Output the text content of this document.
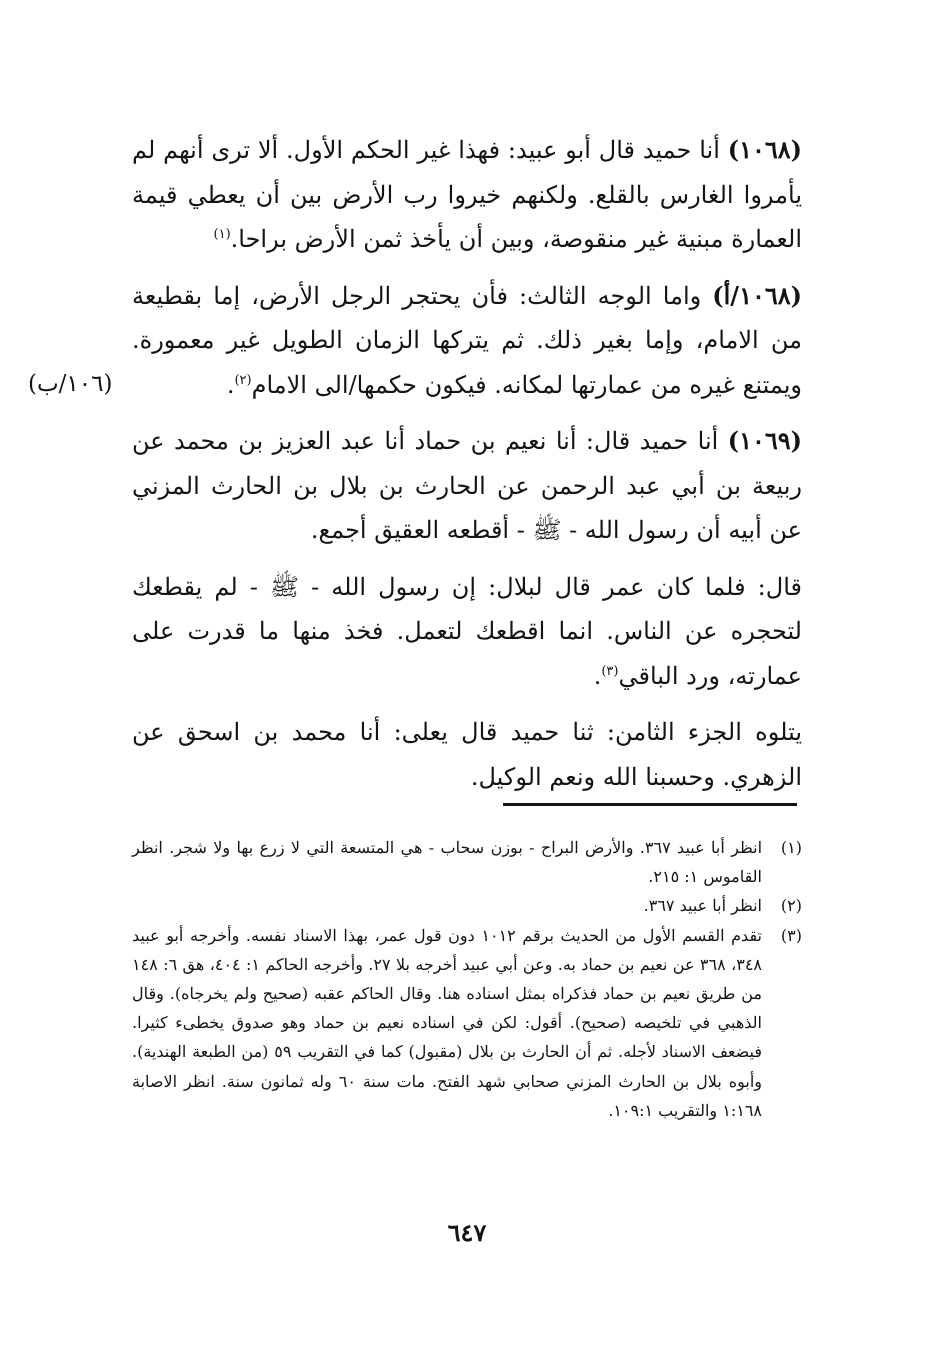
(١٠٦٨) أنا حميد قال أبو عبيد: فهذا غير الحكم الأول. ألا ترى أنهم لم يأمروا الغارس بالقلع. ولكنهم خيروا رب الأرض بين أن يعطي قيمة العمارة مبنية غير منقوصة، وبين أن يأخذ ثمن الأرض براحا.$^{(١)}$

(١٠٦٨/أ) واما الوجه الثالث: فأن يحتجر الرجل الأرض، إما بقطيعة من الامام، وإما بغير ذلك. ثم يتركها الزمان الطويل غير معمورة. ويمتنع غيره من عمارتها لمكانه. فيكون حكمها/الى الامام$^{(٢)}$.

(١٠٦٩) أنا حميد قال: أنا نعيم بن حماد أنا عبد العزيز بن محمد عن ربيعة بن أبي عبد الرحمن عن الحارث بن بلال بن الحارث المزني عن أبيه أن رسول الله - ﷺ - أقطعه العقيق أجمع.

قال: فلما كان عمر قال لبلال: إن رسول الله - ﷺ - لم يقطعك لتحجره عن الناس. انما اقطعك لتعمل. فخذ منها ما قدرت على عمارته، ورد الباقي$^{(٣)}$.

يتلوه الجزء الثامن: ثنا حميد قال يعلى: أنا محمد بن اسحق عن الزهري. وحسبنا الله ونعم الوكيل.

(١٠٦/ب)
(١)
انظر أبا عبيد ٣٦٧. والأرض البراح - بوزن سحاب - هي المتسعة التي لا زرع بها ولا شجر. انظر القاموس ١: ٢١٥.
(٢)
انظر أبا عبيد ٣٦٧.
(٣)
تقدم القسم الأول من الحديث برقم ١٠١٢ دون قول عمر، بهذا الاسناد نفسه. وأخرجه أبو عبيد ٣٤٨، ٣٦٨ عن نعيم بن حماد به. وعن أبي عبيد أخرجه بلا ٢٧. وأخرجه الحاكم ١: ٤٠٤، هق ٦: ١٤٨ من طريق نعيم بن حماد فذكراه بمثل اسناده هنا. وقال الحاكم عقبه (صحيح ولم يخرجاه). وقال الذهبي في تلخيصه (صحيح). أقول: لكن في اسناده نعيم بن حماد وهو صدوق يخطىء كثيرا. فيضعف الاسناد لأجله. ثم أن الحارث بن بلال (مقبول) كما في التقريب ٥٩ (من الطبعة الهندية). وأبوه بلال بن الحارث المزني صحابي شهد الفتح. مات سنة ٦٠ وله ثمانون سنة. انظر الاصابة ١:١٦٨ والتقريب ١٠٩:١.
٦٤٧
